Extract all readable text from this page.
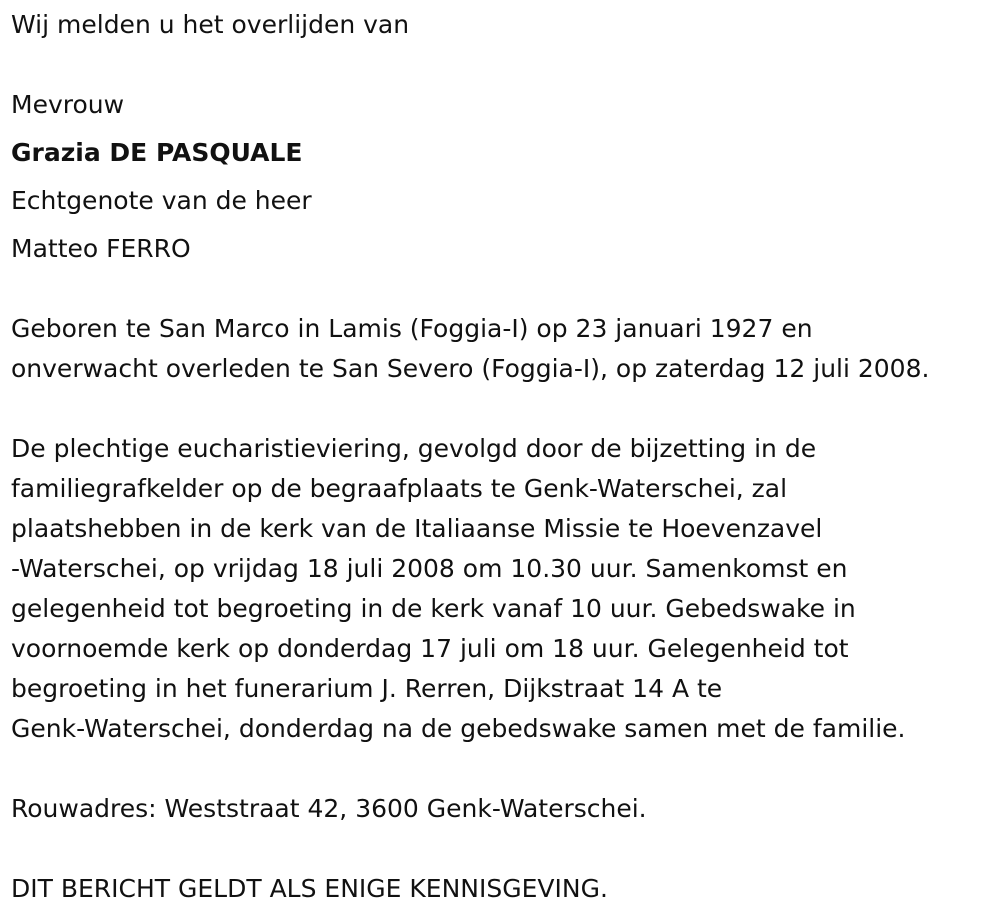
Wij melden u het overlijden van

Mevrouw

Grazia DE PASQUALE

Echtgenote van de heer

Matteo FERRO

Geboren te San Marco in Lamis (Foggia-I) op 23 januari 1927 en

onverwacht overleden te San Severo (Foggia-I), op zaterdag 12 juli 2008.

De plechtige eucharistieviering, gevolgd door de bijzetting in de

familiegrafkelder op de begraafplaats te Genk-Waterschei, zal

plaatshebben in de kerk van de Italiaanse Missie te Hoevenzavel

-Waterschei, op vrijdag 18 juli 2008 om 10.30 uur. Samenkomst en

gelegenheid tot begroeting in de kerk vanaf 10 uur. Gebedswake in

voornoemde kerk op donderdag 17 juli om 18 uur. Gelegenheid tot

begroeting in het funerarium J. Rerren, Dijkstraat 14 A te

Genk-Waterschei, donderdag na de gebedswake samen met de familie.

Rouwadres: Weststraat 42, 3600 Genk-Waterschei.

DIT BERICHT GELDT ALS ENIGE KENNISGEVING.
